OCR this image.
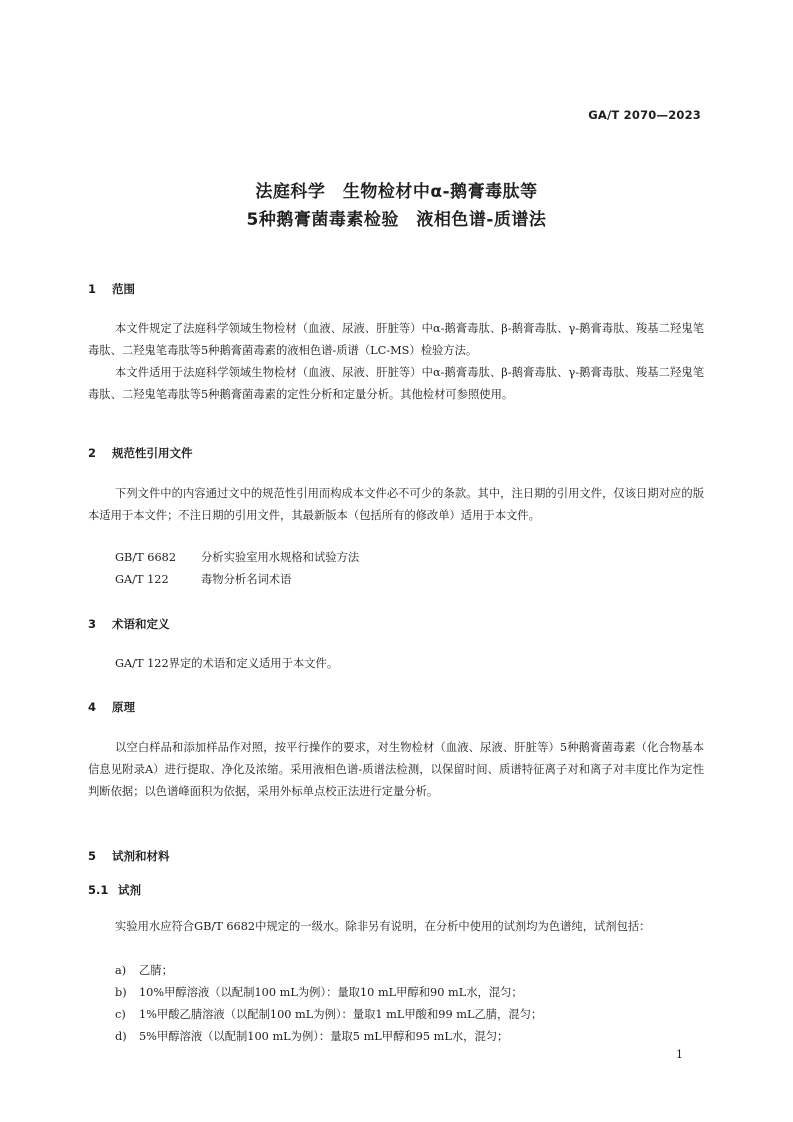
GA/T 2070—2023
法庭科学　生物检材中α-鹅膏毒肽等
5种鹅膏菌毒素检验　液相色谱-质谱法
1 范围
本文件规定了法庭科学领域生物检材（血液、尿液、肝脏等）中α-鹅膏毒肽、β-鹅膏毒肽、γ-鹅膏毒肽、羧基二羟鬼笔毒肽、二羟鬼笔毒肽等5种鹅膏菌毒素的液相色谱-质谱（LC-MS）检验方法。
本文件适用于法庭科学领域生物检材（血液、尿液、肝脏等）中α-鹅膏毒肽、β-鹅膏毒肽、γ-鹅膏毒肽、羧基二羟鬼笔毒肽、二羟鬼笔毒肽等5种鹅膏菌毒素的定性分析和定量分析。其他检材可参照使用。
2 规范性引用文件
下列文件中的内容通过文中的规范性引用而构成本文件必不可少的条款。其中，注日期的引用文件，仅该日期对应的版本适用于本文件；不注日期的引用文件，其最新版本（包括所有的修改单）适用于本文件。
GB/T 6682 分析实验室用水规格和试验方法
GA/T 122	毒物分析名词术语
3 术语和定义
GA/T 122界定的术语和定义适用于本文件。
4 原理
以空白样品和添加样品作对照，按平行操作的要求，对生物检材（血液、尿液、肝脏等）5种鹅膏菌毒素（化合物基本信息见附录A）进行提取、净化及浓缩。采用液相色谱-质谱法检测，以保留时间、质谱特征离子对和离子对丰度比作为定性判断依据；以色谱峰面积为依据，采用外标单点校正法进行定量分析。
5 试剂和材料
5.1 试剂
实验用水应符合GB/T 6682中规定的一级水。除非另有说明，在分析中使用的试剂均为色谱纯，试剂包括：
a) 乙腈；
b) 10%甲醇溶液（以配制100 mL为例）：量取10 mL甲醇和90 mL水，混匀；
c) 1%甲酸乙腈溶液（以配制100 mL为例）：量取1 mL甲酸和99 mL乙腈，混匀；
d) 5%甲醇溶液（以配制100 mL为例）：量取5 mL甲醇和95 mL水，混匀；
1
